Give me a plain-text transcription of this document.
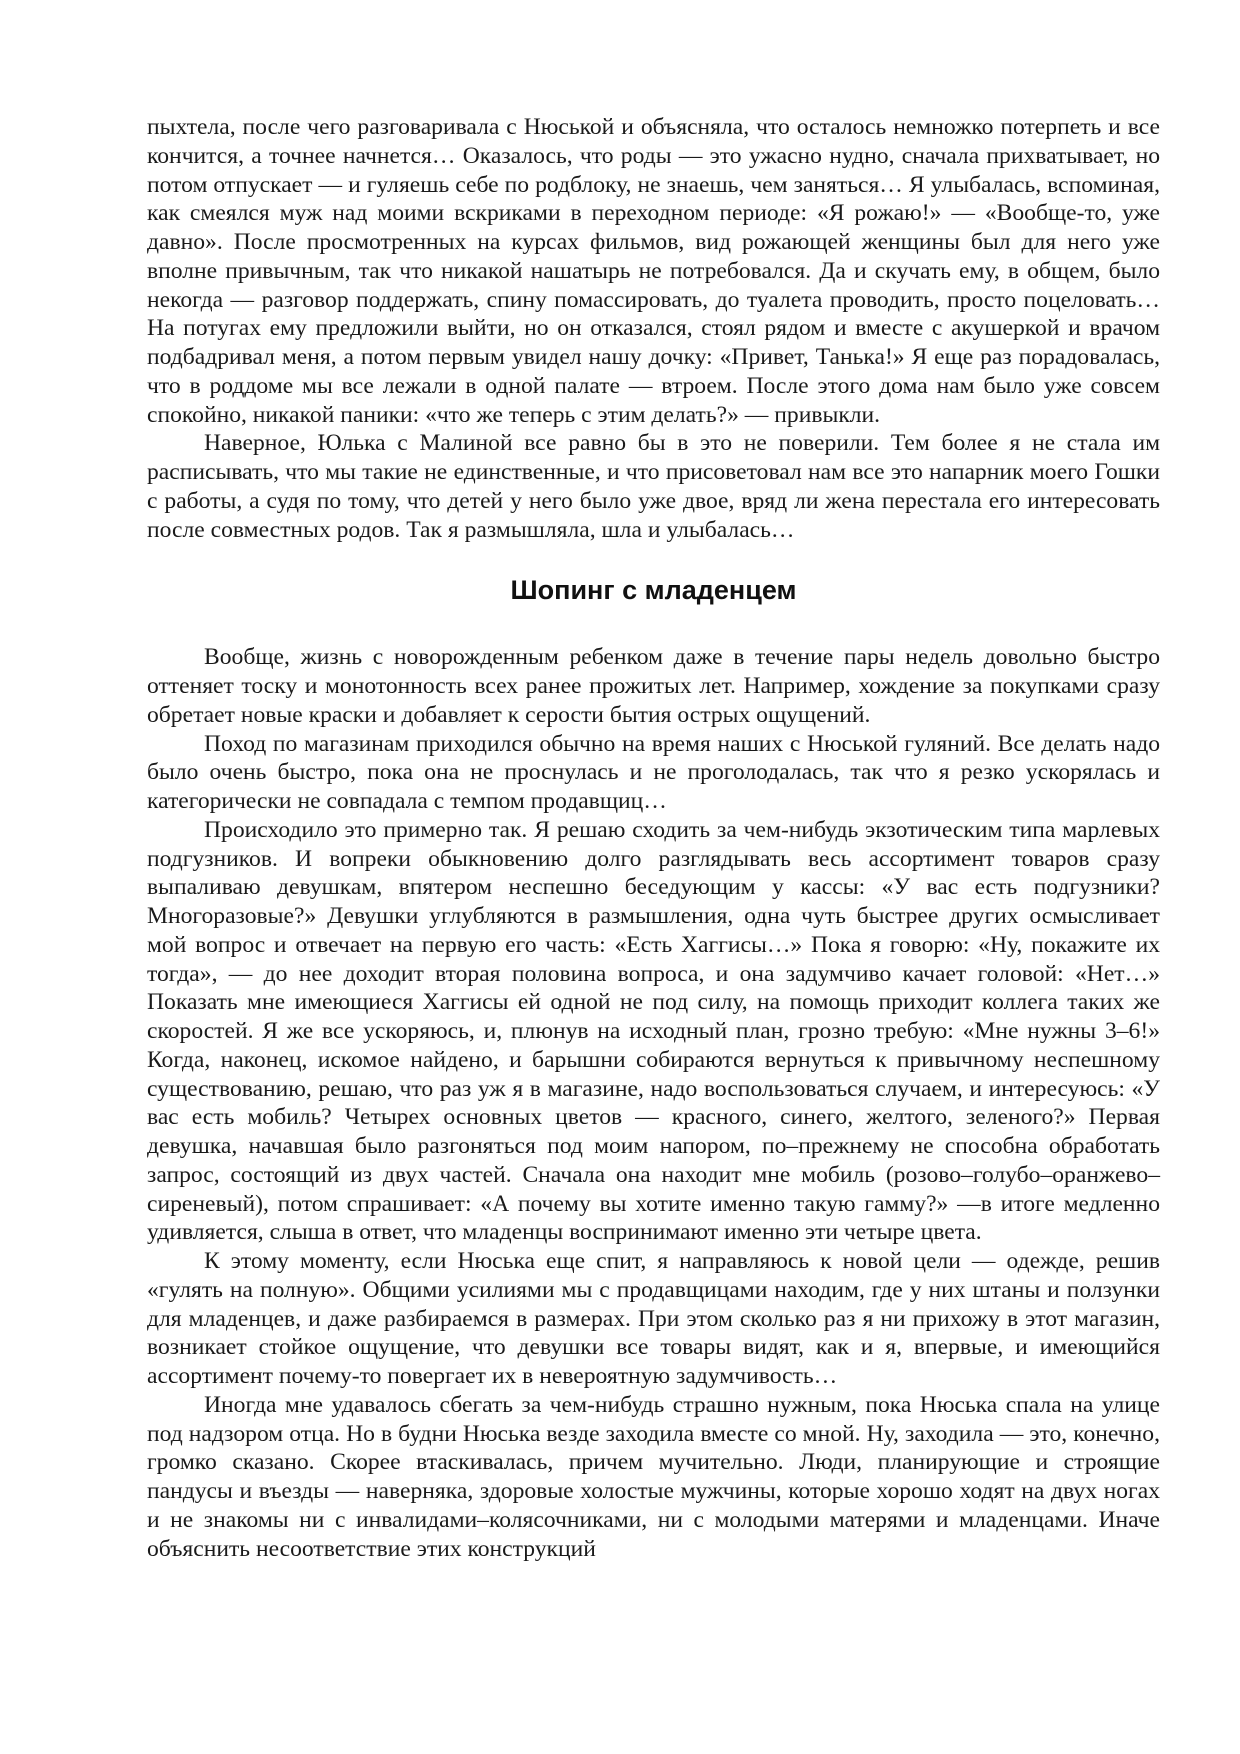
пыхтела, после чего разговаривала с Нюськой и объясняла, что осталось немножко потерпеть и все кончится, а точнее начнется… Оказалось, что роды — это ужасно нудно, сначала прихватывает, но потом отпускает — и гуляешь себе по родблоку, не знаешь, чем заняться… Я улыбалась, вспоминая, как смеялся муж над моими вскриками в переходном периоде: «Я рожаю!» — «Вообще-то, уже давно». После просмотренных на курсах фильмов, вид рожающей женщины был для него уже вполне привычным, так что никакой нашатырь не потребовался. Да и скучать ему, в общем, было некогда — разговор поддержать, спину помассировать, до туалета проводить, просто поцеловать… На потугах ему предложили выйти, но он отказался, стоял рядом и вместе с акушеркой и врачом подбадривал меня, а потом первым увидел нашу дочку: «Привет, Танька!» Я еще раз порадовалась, что в роддоме мы все лежали в одной палате — втроем. После этого дома нам было уже совсем спокойно, никакой паники: «что же теперь с этим делать?» — привыкли.

Наверное, Юлька с Малиной все равно бы в это не поверили. Тем более я не стала им расписывать, что мы такие не единственные, и что присоветовал нам все это напарник моего Гошки с работы, а судя по тому, что детей у него было уже двое, вряд ли жена перестала его интересовать после совместных родов. Так я размышляла, шла и улыбалась…

Шопинг с младенцем

Вообще, жизнь с новорожденным ребенком даже в течение пары недель довольно быстро оттеняет тоску и монотонность всех ранее прожитых лет. Например, хождение за покупками сразу обретает новые краски и добавляет к серости бытия острых ощущений.

Поход по магазинам приходился обычно на время наших с Нюськой гуляний. Все делать надо было очень быстро, пока она не проснулась и не проголодалась, так что я резко ускорялась и категорически не совпадала с темпом продавщиц…

Происходило это примерно так. Я решаю сходить за чем-нибудь экзотическим типа марлевых подгузников. И вопреки обыкновению долго разглядывать весь ассортимент товаров сразу выпаливаю девушкам, впятером неспешно беседующим у кассы: «У вас есть подгузники? Многоразовые?» Девушки углубляются в размышления, одна чуть быстрее других осмысливает мой вопрос и отвечает на первую его часть: «Есть Хаггисы…» Пока я говорю: «Ну, покажите их тогда», — до нее доходит вторая половина вопроса, и она задумчиво качает головой: «Нет…» Показать мне имеющиеся Хаггисы ей одной не под силу, на помощь приходит коллега таких же скоростей. Я же все ускоряюсь, и, плюнув на исходный план, грозно требую: «Мне нужны 3–6!» Когда, наконец, искомое найдено, и барышни собираются вернуться к привычному неспешному существованию, решаю, что раз уж я в магазине, надо воспользоваться случаем, и интересуюсь: «У вас есть мобиль? Четырех основных цветов — красного, синего, желтого, зеленого?» Первая девушка, начавшая было разгоняться под моим напором, по–прежнему не способна обработать запрос, состоящий из двух частей. Сначала она находит мне мобиль (розово–голубо–оранжево–сиреневый), потом спрашивает: «А почему вы хотите именно такую гамму?» —в итоге медленно удивляется, слыша в ответ, что младенцы воспринимают именно эти четыре цвета.

К этому моменту, если Нюська еще спит, я направляюсь к новой цели — одежде, решив «гулять на полную». Общими усилиями мы с продавщицами находим, где у них штаны и ползунки для младенцев, и даже разбираемся в размерах. При этом сколько раз я ни прихожу в этот магазин, возникает стойкое ощущение, что девушки все товары видят, как и я, впервые, и имеющийся ассортимент почему-то повергает их в невероятную задумчивость…

Иногда мне удавалось сбегать за чем-нибудь страшно нужным, пока Нюська спала на улице под надзором отца. Но в будни Нюська везде заходила вместе со мной. Ну, заходила — это, конечно, громко сказано. Скорее втаскивалась, причем мучительно. Люди, планирующие и строящие пандусы и въезды — наверняка, здоровые холостые мужчины, которые хорошо ходят на двух ногах и не знакомы ни с инвалидами–колясочниками, ни с молодыми матерями и младенцами. Иначе объяснить несоответствие этих конструкций
